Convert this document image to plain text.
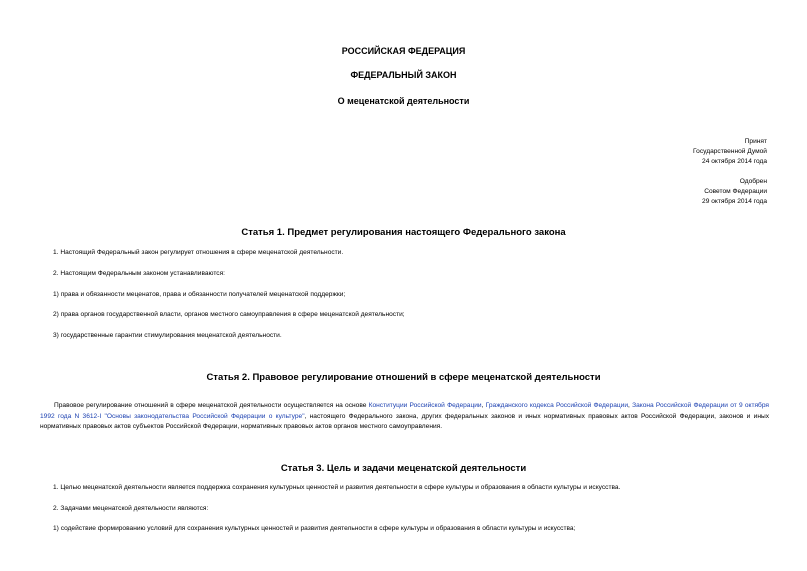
РОССИЙСКАЯ ФЕДЕРАЦИЯ
ФЕДЕРАЛЬНЫЙ ЗАКОН
О меценатской деятельности
Принят
Государственной Думой
24 октября 2014 года
Одобрен
Советом Федерации
29 октября 2014 года
Статья 1. Предмет регулирования настоящего Федерального закона
1. Настоящий Федеральный закон регулирует отношения в сфере меценатской деятельности.
2. Настоящим Федеральным законом устанавливаются:
1) права и обязанности меценатов, права и обязанности получателей меценатской поддержки;
2) права органов государственной власти, органов местного самоуправления в сфере меценатской деятельности;
3) государственные гарантии стимулирования меценатской деятельности.
Статья 2. Правовое регулирование отношений в сфере меценатской деятельности
Правовое регулирование отношений в сфере меценатской деятельности осуществляется на основе Конституции Российской Федерации, Гражданского кодекса Российской Федерации, Закона Российской Федерации от 9 октября 1992 года N 3612-I "Основы законодательства Российской Федерации о культуре", настоящего Федерального закона, других федеральных законов и иных нормативных правовых актов Российской Федерации, законов и иных нормативных правовых актов субъектов Российской Федерации, нормативных правовых актов органов местного самоуправления.
Статья 3. Цель и задачи меценатской деятельности
1. Целью меценатской деятельности является поддержка сохранения культурных ценностей и развития деятельности в сфере культуры и образования в области культуры и искусства.
2. Задачами меценатской деятельности являются:
1) содействие формированию условий для сохранения культурных ценностей и развития деятельности в сфере культуры и образования в области культуры и искусства;
